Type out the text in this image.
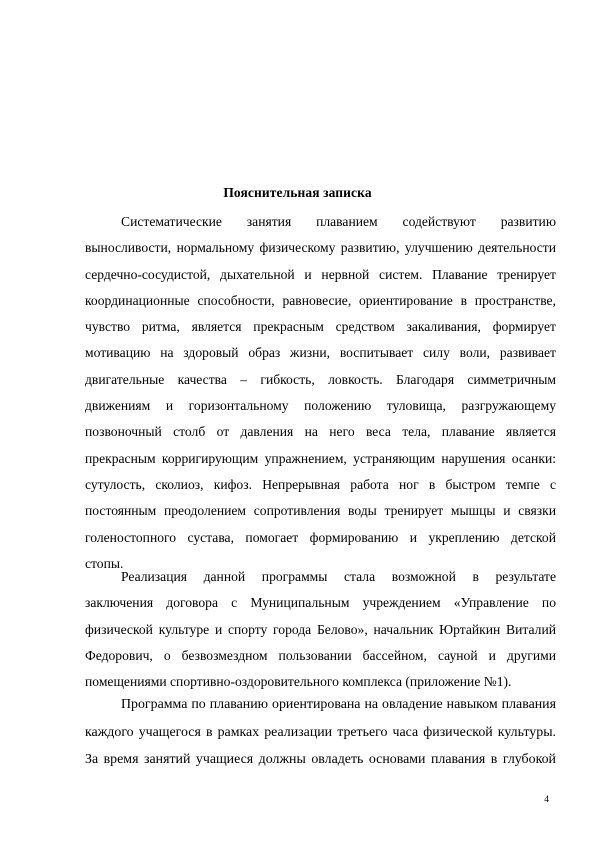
Пояснительная записка

Систематические занятия плаванием содействуют развитию
выносливости, нормальному физическому развитию, улучшению деятельности
сердечно-сосудистой, дыхательной и нервной систем. Плавание тренирует
координационные способности, равновесие, ориентирование в пространстве,
чувство ритма, является прекрасным средством закаливания, формирует
мотивацию на здоровый образ жизни, воспитывает силу воли, развивает
двигательные качества – гибкость, ловкость. Благодаря симметричным
движениям и горизонтальному положению туловища, разгружающему
позвоночный столб от давления на него веса тела, плавание является
прекрасным корригирующим упражнением, устраняющим нарушения осанки:
сутулость, сколиоз, кифоз. Непрерывная работа ног в быстром темпе с
постоянным преодолением сопротивления воды тренирует мышцы и связки
голеностопного сустава, помогает формированию и укреплению детской
стопы.

Реализация данной программы стала возможной в результате
заключения договора с Муниципальным учреждением «Управление по
физической культуре и спорту города Белово», начальник Юртайкин Виталий
Федорович, о безвозмездном пользовании бассейном, сауной и другими
помещениями спортивно-оздоровительного комплекса (приложение №1).

Программа по плаванию ориентирована на овладение навыком плавания
каждого учащегося в рамках реализации третьего часа физической культуры.
За время занятий учащиеся должны овладеть основами плавания в глубокой

4
